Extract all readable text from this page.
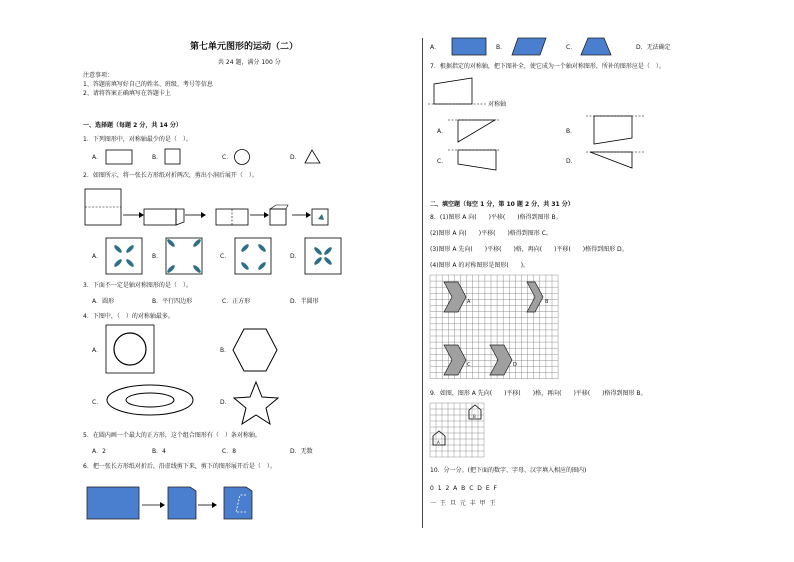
第七单元图形的运动（二）
共 24 题，满分 100 分
注意事项：
1、答题前填写好自己的姓名、班级、考号等信息
2、请将答案正确填写在答题卡上
一、选择题（每题 2 分，共 14 分）
1．下列图形中，对称轴最少的是（　）。
A．	B．	C．	D．
2．如图所示，将一张长方形纸对折两次，剪出小洞后展开（　）。
A．	B．	C．	D．
3．下面不一定是轴对称图形的是（　）。
A．圆形	B．平行四边形	C．正方形	D．半圆形
4．下图中，（　）的对称轴最多。
A．	B．
C．	D．
5．在圆内画一个最大的正方形，这个组合图形有（　）条对称轴。
A．2	B．4	C．8	D．无数
6．把一张长方形纸对折后，沿虚线剪下来，剪下的图形展开后是（　）。
A．	B．	C．	D．无法确定
7．根据指定的对称轴，把下图补全，使它成为一个轴对称图形，所补的图形应是（　）。
对称轴
A．	B．
C．	D．
二、填空题（每空 1 分，第 10 题 2 分，共 31 分）
8．(1)图形 A 向(　　)平移(　　)格得到图形 B。
(2)图形 A 向(　　)平移(　　)格得到图形 C。
(3)图形 A 先向(　　)平移(　　)格，再向(　　)平移(　　)格得到图形 D。
(4)图形 A 的对称图形是图形(　　)。
A	B
C	D
9．如图，图形 A 先向(　　)平移(　　)格，再向(　　)平移(　　)格得到图形 B。
B
A
10．分一分。(把下面的数字、字母、汉字填入相应的圈内)
0 1 2 A B C D E F
一 王 旦 元 丰 甲 王
